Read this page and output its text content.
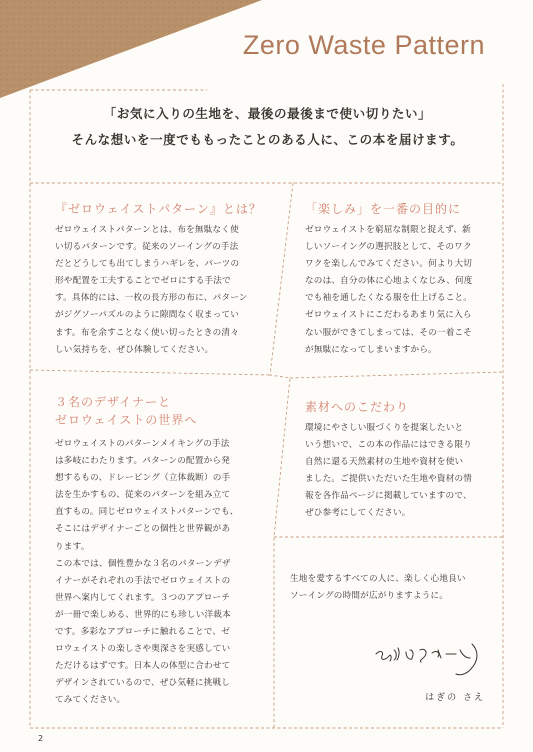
Zero Waste Pattern
「お気に入りの生地を、最後の最後まで使い切りたい」
そんな想いを一度でももったことのある人に、この本を届けます。
『ゼロウェイストパターン』とは？
ゼロウェイストパターンとは、布を無駄なく使
い切るパターンです。従来のソーイングの手法
だとどうしても出てしまうハギレを、パーツの
形や配置を工夫することでゼロにする手法で
す。具体的には、一枚の長方形の布に、パターン
がジグソーパズルのように隙間なく収まってい
ます。布を余すことなく使い切ったときの清々
しい気持ちを、ぜひ体験してください。
「楽しみ」を一番の目的に
ゼロウェイストを窮屈な制限と捉えず、新
しいソーイングの選択肢として、そのワク
ワクを楽しんでみてください。何より大切
なのは、自分の体に心地よくなじみ、何度
でも袖を通したくなる服を仕上げること。
ゼロウェイストにこだわるあまり気に入ら
ない服ができてしまっては、その一着こそ
が無駄になってしまいますから。
３名のデザイナーと
ゼロウェイストの世界へ
ゼロウェイストのパターンメイキングの手法
は多岐にわたります。パターンの配置から発
想するもの、ドレーピング（立体裁断）の手
法を生かすもの、従来のパターンを組み立て
直すもの。同じゼロウェイストパターンでも、
そこにはデザイナーごとの個性と世界観があ
ります。
この本では、個性豊かな３名のパターンデザ
イナーがそれぞれの手法でゼロウェイストの
世界へ案内してくれます。３つのアプローチ
が一冊で楽しめる、世界的にも珍しい洋裁本
です。多彩なアプローチに触れることで、ゼ
ロウェイストの楽しさや奥深さを実感してい
ただけるはずです。日本人の体型に合わせて
デザインされているので、ぜひ気軽に挑戦し
てみてください。
素材へのこだわり
環境にやさしい服づくりを提案したいと
いう想いで、この本の作品にはできる限り
自然に還る天然素材の生地や資材を使い
ました。ご提供いただいた生地や資材の情
報を各作品ページに掲載していますので、
ぜひ参考にしてください。
生地を愛するすべての人に、楽しく心地良い
ソーイングの時間が広がりますように。
はぎの さえ
2
